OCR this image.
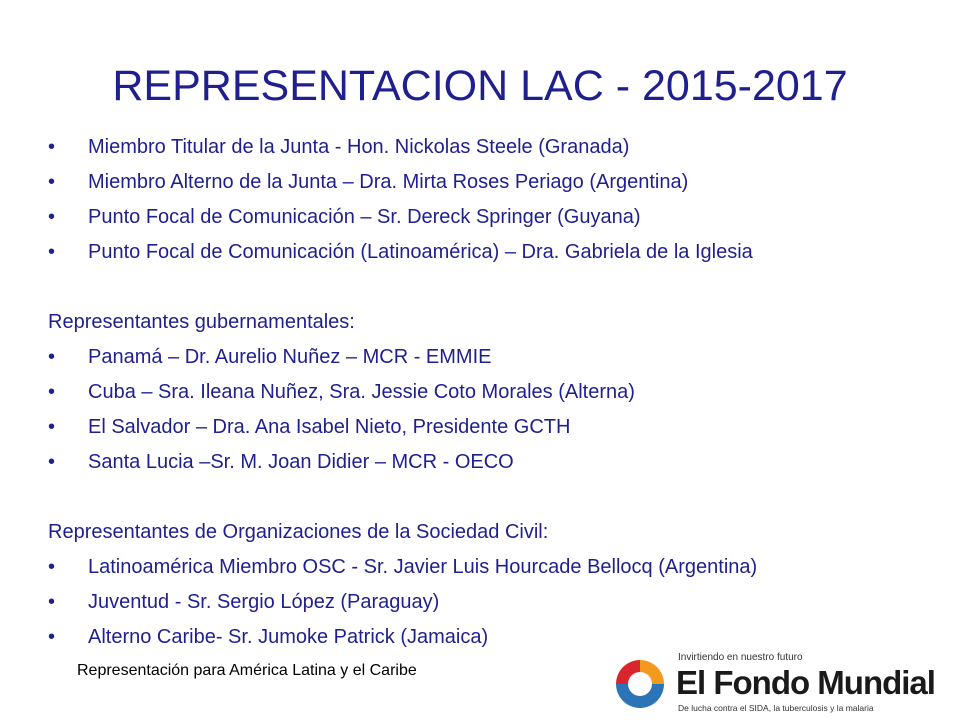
REPRESENTACION LAC - 2015-2017
• Miembro Titular de la Junta - Hon. Nickolas Steele (Granada)
• Miembro Alterno de la Junta – Dra. Mirta Roses Periago (Argentina)
• Punto Focal de Comunicación – Sr. Dereck Springer (Guyana)
• Punto Focal de Comunicación (Latinoamérica) – Dra. Gabriela de la Iglesia

Representantes gubernamentales:

• Panamá – Dr. Aurelio Nuñez – MCR - EMMIE
• Cuba – Sra. Ileana Nuñez, Sra. Jessie Coto Morales (Alterna)
• El Salvador – Dra. Ana Isabel Nieto, Presidente GCTH
• Santa Lucia –Sr. M. Joan Didier – MCR - OECO

Representantes de Organizaciones de la Sociedad Civil:

• Latinoamérica Miembro OSC - Sr. Javier Luis Hourcade Bellocq (Argentina)
• Juventud - Sr. Sergio López (Paraguay)
• Alterno Caribe- Sr. Jumoke Patrick (Jamaica)
Representación para América Latina y el Caribe
Invirtiendo en nuestro futuro
El Fondo Mundial
De lucha contra el SIDA, la tuberculosis y la malaria
